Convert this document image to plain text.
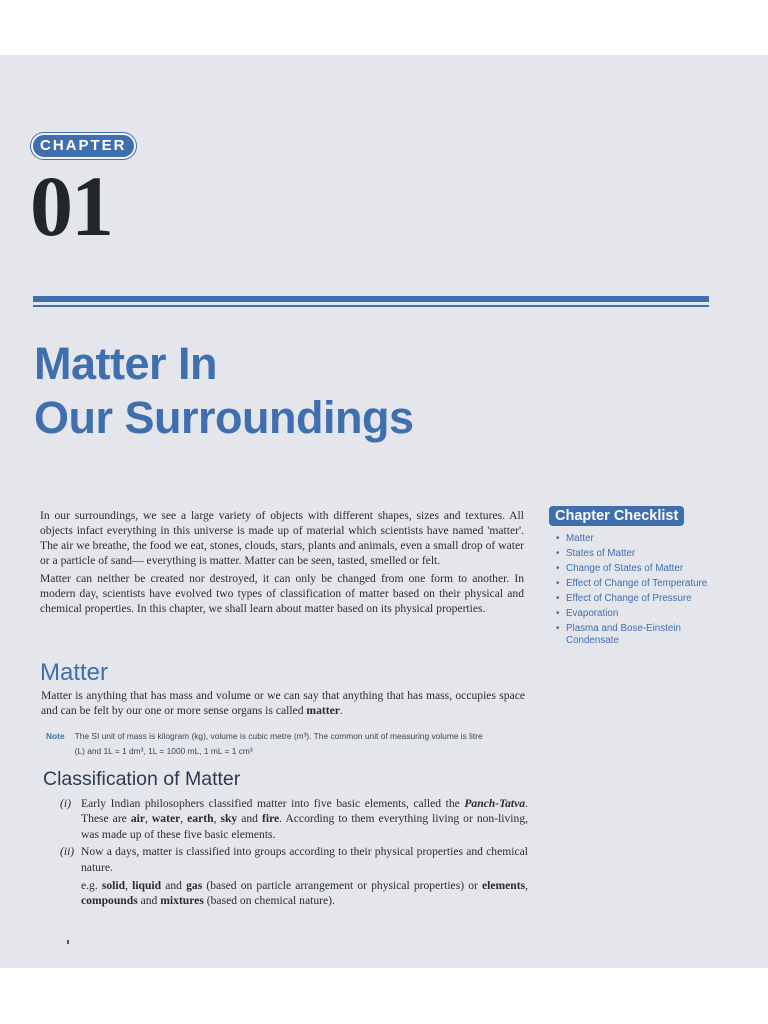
CHAPTER
01
Matter In
Our Surroundings

In our surroundings, we see a large variety of objects with different shapes, sizes and textures. All objects infact everything in this universe is made up of material which scientists have named 'matter'. The air we breathe, the food we eat, stones, clouds, stars, plants and animals, even a small drop of water or a particle of sand— everything is matter. Matter can be seen, tasted, smelled or felt.

Matter can neither be created nor destroyed, it can only be changed from one form to another. In modern day, scientists have evolved two types of classification of matter based on their physical and chemical properties. In this chapter, we shall learn about matter based on its physical properties.

Matter
Matter is anything that has mass and volume or we can say that anything that has mass, occupies space and can be felt by our one or more sense organs is called matter.
Note The SI unit of mass is kilogram (kg), volume is cubic metre (m³). The common unit of measuring volume is litre (L) and 1L = 1 dm³, 1L = 1000 mL, 1 mL = 1 cm³
Classification of Matter
(i) Early Indian philosophers classified matter into five basic elements, called the Panch-Tatva. These are air, water, earth, sky and fire. According to them everything living or non-living, was made up of these five basic elements.
(ii) Now a days, matter is classified into groups according to their physical properties and chemical nature.
e.g. solid, liquid and gas (based on particle arrangement or physical properties) or elements, compounds and mixtures (based on chemical nature).
Chapter Checklist
• Matter
• States of Matter
• Change of States of Matter
• Effect of Change of Temperature
• Effect of Change of Pressure
• Evaporation
• Plasma and Bose-Einstein Condensate
